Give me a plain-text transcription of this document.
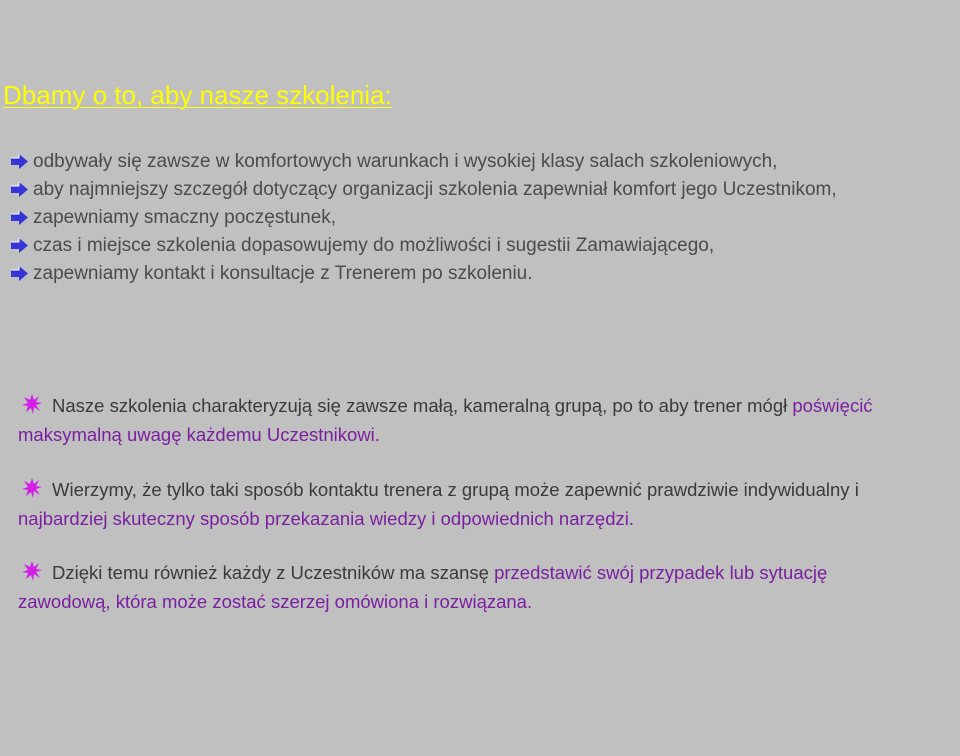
Dbamy o to, aby nasze szkolenia:
odbywały się zawsze w komfortowych warunkach i wysokiej klasy salach szkoleniowych,
aby najmniejszy szczegół dotyczący organizacji szkolenia zapewniał komfort jego Uczestnikom,
zapewniamy smaczny poczęstunek,
czas i miejsce szkolenia dopasowujemy do możliwości i sugestii Zamawiającego,
zapewniamy kontakt i konsultacje z Trenerem po szkoleniu.
Nasze szkolenia charakteryzują się zawsze małą, kameralną grupą, po to aby trener mógł poświęcić maksymalną uwagę każdemu Uczestnikowi.
Wierzymy, że tylko taki sposób kontaktu trenera z grupą może zapewnić prawdziwie indywidualny i najbardziej skuteczny sposób przekazania wiedzy i odpowiednich narzędzi.
Dzięki temu również każdy z Uczestników ma szansę przedstawić swój przypadek lub sytuację zawodową, która może zostać szerzej omówiona i rozwiązana.
